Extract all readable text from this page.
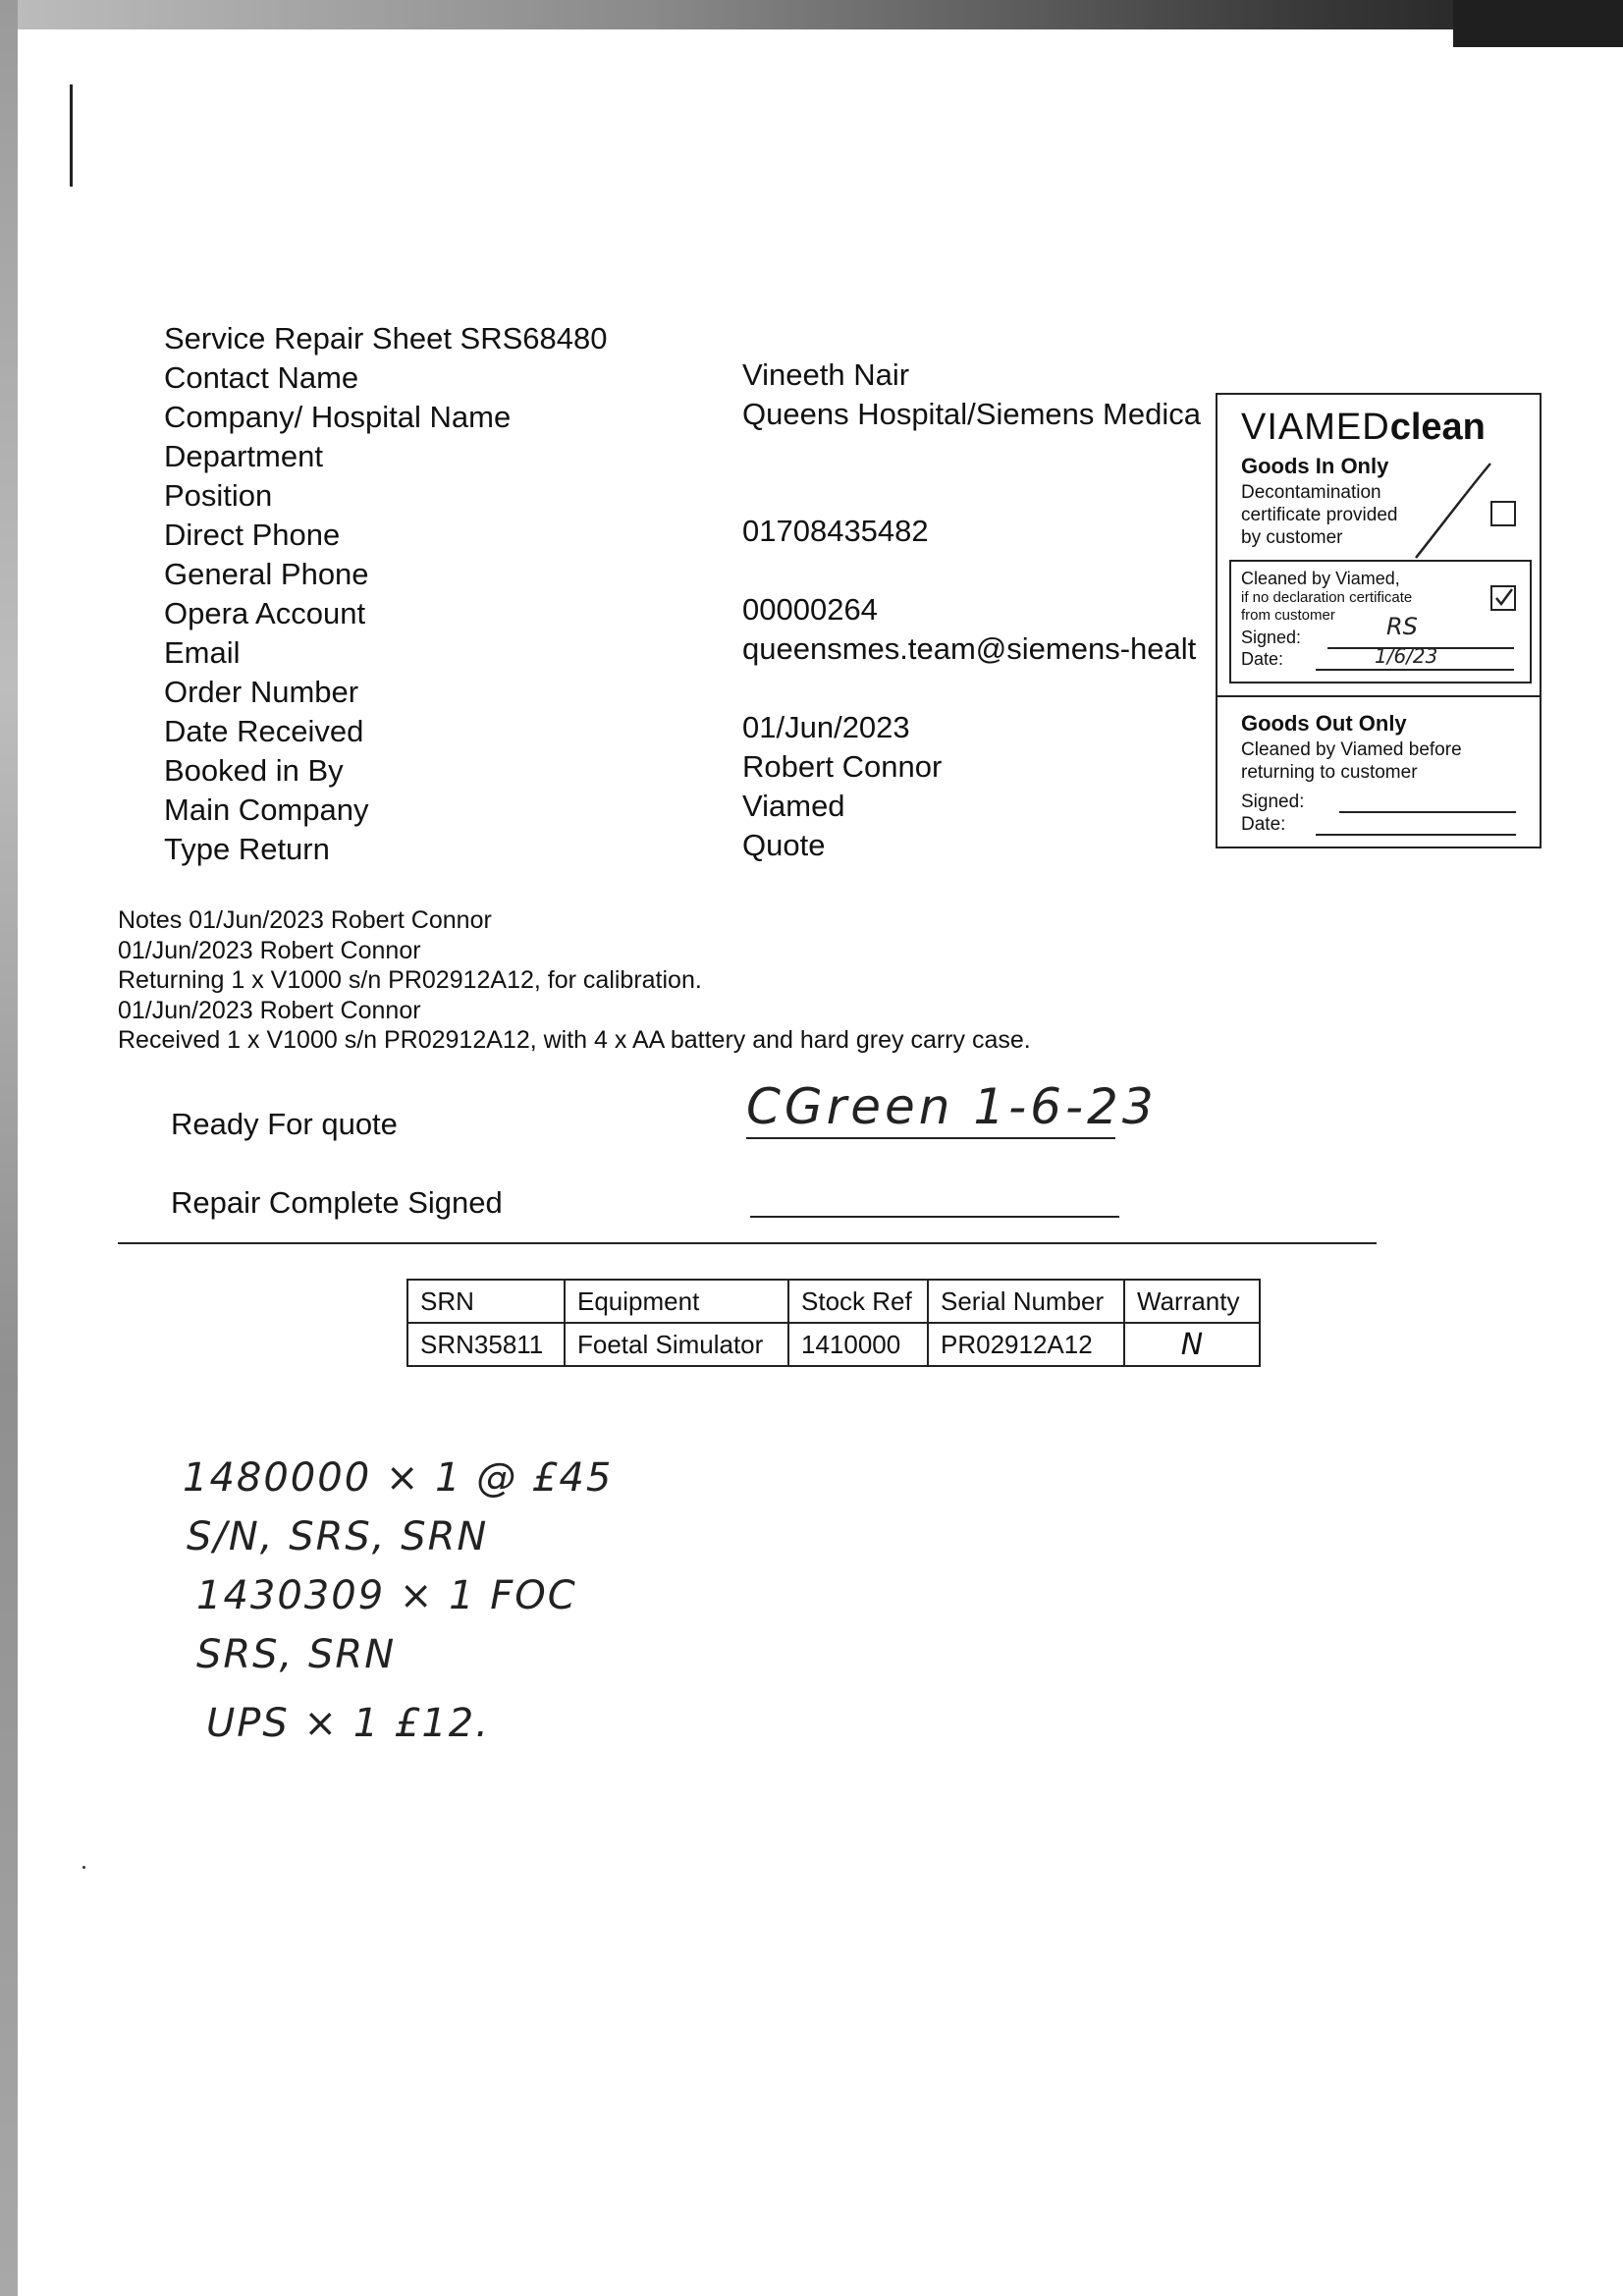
Service Repair Sheet SRS68480
Contact Name	Vineeth Nair
Company/ Hospital Name	Queens Hospital/Siemens Medica
Department
Position
Direct Phone	01708435482
General Phone
Opera Account	00000264
Email	queensmes.team@siemens-healt
Order Number
Date Received	01/Jun/2023
Booked in By	Robert Connor
Main Company	Viamed
Type Return	Quote
VIAMEDclean
Goods In Only
Decontamination
certificate provided
by customer
Cleaned by Viamed,
if no declaration certificate
from customer
Signed:	RS
Date:	1/6/23
Goods Out Only
Cleaned by Viamed before
returning to customer
Signed:
Date:
Notes 01/Jun/2023 Robert Connor
01/Jun/2023 Robert Connor
Returning 1 x V1000 s/n PR02912A12, for calibration.
01/Jun/2023 Robert Connor
Received 1 x V1000 s/n PR02912A12, with 4 x AA battery and hard grey carry case.
Ready For quote	CGreen 1-6-23
Repair Complete Signed
SRN	Equipment	Stock Ref	Serial Number	Warranty
SRN35811	Foetal Simulator	1410000	PR02912A12	N
1480000 × 1 @ £45
S/N, SRS, SRN
1430309 × 1 FOC
SRS, SRN
UPS × 1 £12.
